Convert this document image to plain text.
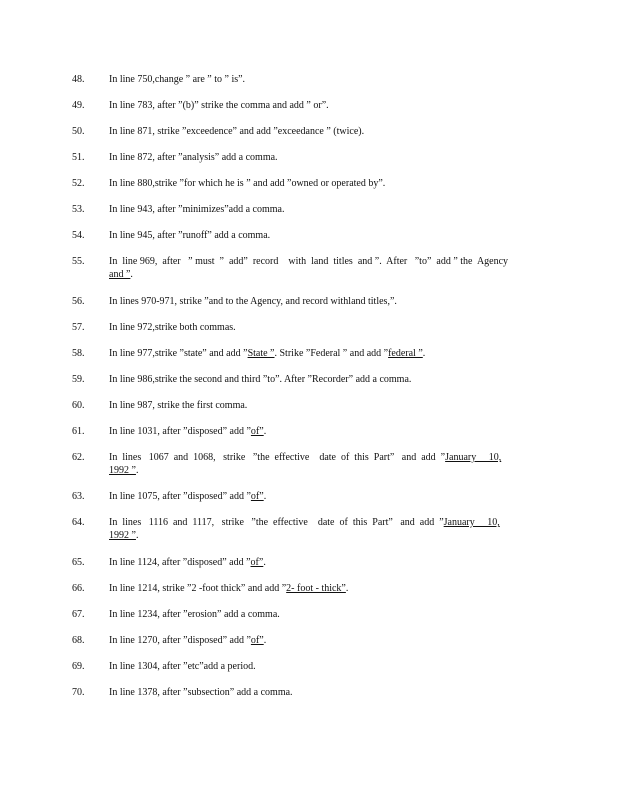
48.	In line 750,change ” are ” to ” is”.
49.	In line 783, after ”(b)” strike the comma and add ” or”.
50.	In line 871, strike ”exceedence” and add ”exceedance ” (twice).
51.	In line 872, after ”analysis” add a comma.
52.	In line 880,strike ”for which he is ” and add ”owned or operated by”.
53.	In line 943, after ”minimizes”add a comma.
54.	In line 945, after ”runoff” add a comma.
55.	In  line 969,  after   ” must  ”  add”  record    with  land  titles  and ”.  After   ”to”  add ” the  Agency
and ”.
56.	In lines 970-971, strike ”and to the Agency, and record withland titles,”.
57.	In line 972,strike both commas.
58.	In line 977,strike ”state” and add ”State ”. Strike ”Federal ” and add ”federal ”.
59.	In line 986,strike the second and third ”to”. After ”Recorder” add a comma.
60.	In line 987, strike the first comma.
61.	In line 1031, after ”disposed” add ”of”.
62.	In  lines   1067  and  1068,   strike   ”the  effective    date  of  this  Part”   and  add  ”January     10,
1992 ”.
63.	In line 1075, after ”disposed” add ”of”.
64.	In  lines   1116  and  1117,   strike   ”the  effective    date  of  this  Part”   and  add  ”January     10,
1992 ”.
65.	In line 1124, after ”disposed” add ”of”.
66.	In line 1214, strike ”2 -foot thick” and add ”2- foot - thick”.
67.	In line 1234, after ”erosion” add a comma.
68.	In line 1270, after ”disposed” add ”of”.
69.	In line 1304, after ”etc”add a period.
70.	In line 1378, after ”subsection” add a comma.
